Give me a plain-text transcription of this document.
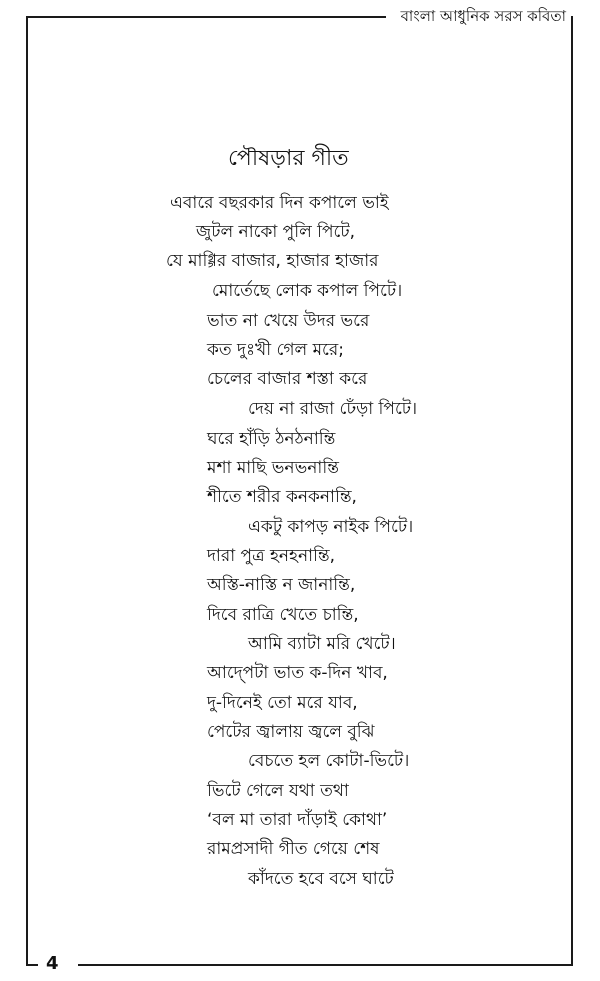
বাংলা আধুনিক সরস কবিতা
পৌষড়ার গীত
এবারে বছরকার দিন কপালে ভাই
জুটল নাকো পুলি পিটে,
যে মাগ্গির বাজার, হাজার হাজার
মোর্তেছে লোক কপাল পিটে।
ভাত না খেয়ে উদর ভরে
কত দুঃখী গেল মরে;
চেলের বাজার শস্তা করে
দেয় না রাজা ঢেঁড়া পিটে।
ঘরে হাঁড়ি ঠনঠনান্তি
মশা মাছি ভনভনান্তি
শীতে শরীর কনকনান্তি,
একটু কাপড় নাইক পিটে।
দারা পুত্র হনহনান্তি,
অস্তি-নাস্তি ন জানান্তি,
দিবে রাত্রি খেতে চান্তি,
আমি ব্যাটা মরি খেটে।
আদ্পেটা ভাত ক-দিন খাব,
দু-দিনেই তো মরে যাব,
পেটের জ্বালায় জ্বলে বুঝি
বেচতে হল কোটা-ভিটে।
ভিটে গেলে যথা তথা
‘বল মা তারা দাঁড়াই কোথা’
রামপ্রসাদী গীত গেয়ে শেষ
কাঁদতে হবে বসে ঘাটে
4
